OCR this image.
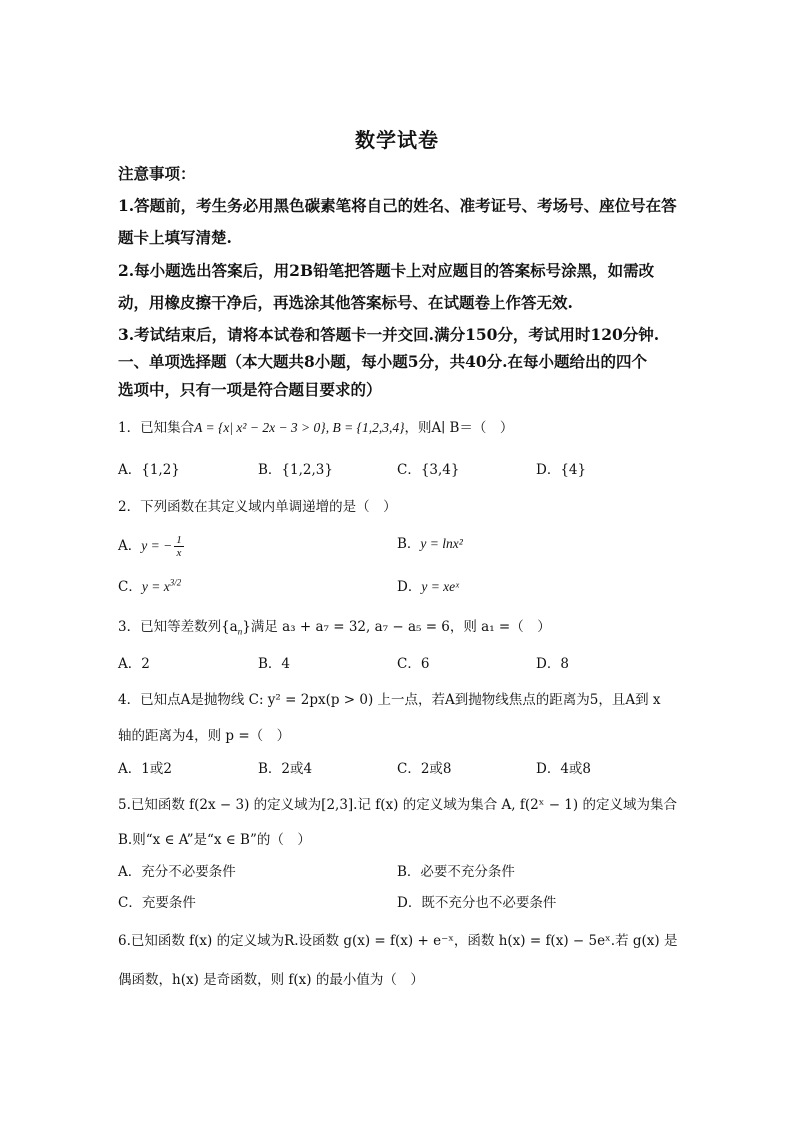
数学试卷
注意事项：
1.答题前，考生务必用黑色碳素笔将自己的姓名、准考证号、考场号、座位号在答
题卡上填写清楚.
2.每小题选出答案后，用2B铅笔把答题卡上对应题目的答案标号涂黑，如需改
动，用橡皮擦干净后，再选涂其他答案标号、在试题卷上作答无效.
3.考试结束后，请将本试卷和答题卡一并交回.满分150分，考试用时120分钟.
一、单项选择题（本大题共8小题，每小题5分，共40分.在每小题给出的四个
选项中，只有一项是符合题目要求的）
1．已知集合A = {x| x² − 2x − 3 > 0}, B = {1,2,3,4}，则A∣ B＝（　）
A．{1,2}	B．{1,2,3}	C．{3,4}	D．{4}
2．下列函数在其定义域内单调递增的是（　）
A．y = − $\frac{1}{x}$	B．y = lnx²
C．$y = x^{3/2}$	D．y = xeˣ
3．已知等差数列$\{a_n\}$满足 a₃ + a₇ = 32, a₇ − a₅ = 6，则 a₁ =（　）
A．2	B．4	C．6	D．8
4．已知点A是抛物线 C: y² = 2px(p > 0) 上一点，若A到抛物线焦点的距离为5，且A到 x
轴的距离为4，则 p =（　）
A．1或2	B．2或4	C．2或8	D．4或8
5.已知函数 f(2x − 3) 的定义域为[2,3].记 f(x) 的定义域为集合 A, f(2ˣ − 1) 的定义域为集合
B.则“x ∈ A”是“x ∈ B”的（　）
A．充分不必要条件	B．必要不充分条件
C．充要条件	D．既不充分也不必要条件
6.已知函数 f(x) 的定义域为R.设函数 g(x) = f(x) + e⁻ˣ，函数 h(x) = f(x) − 5eˣ.若 g(x) 是
偶函数，h(x) 是奇函数，则 f(x) 的最小值为（　）
